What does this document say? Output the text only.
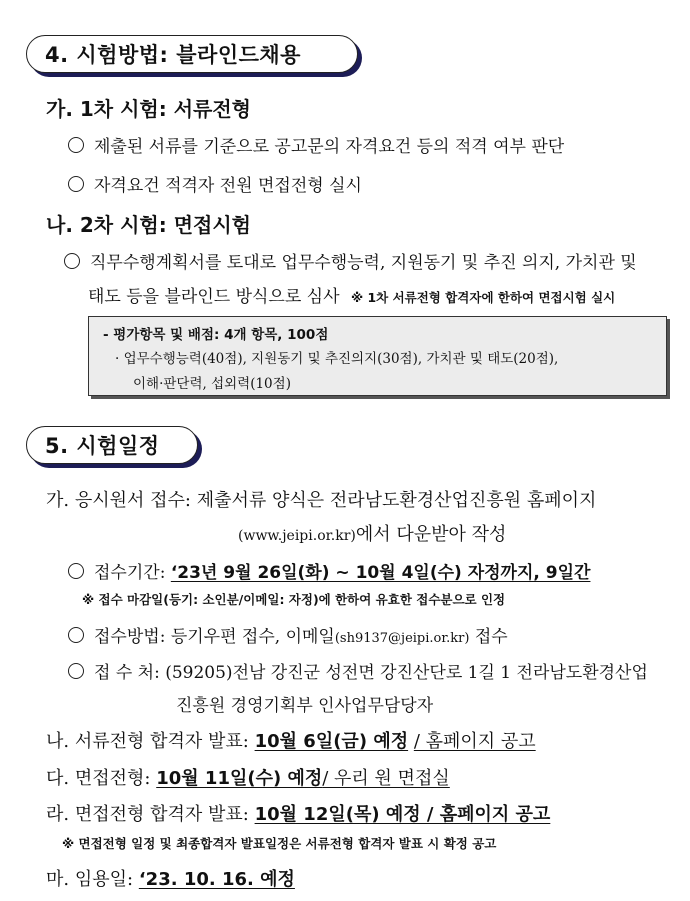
4. 시험방법: 블라인드채용
가. 1차 시험: 서류전형
제출된 서류를 기준으로 공고문의 자격요건 등의 적격 여부 판단
자격요건 적격자 전원 면접전형 실시
나. 2차 시험: 면접시험
직무수행계획서를 토대로 업무수행능력, 지원동기 및 추진 의지, 가치관 및
태도 등을 블라인드 방식으로 심사 ※ 1차 서류전형 합격자에 한하여 면접시험 실시
- 평가항목 및 배점: 4개 항목, 100점
· 업무수행능력(40점), 지원동기 및 추진의지(30점), 가치관 및 태도(20점),
이해·판단력, 섭외력(10점)
5. 시험일정
가. 응시원서 접수: 제출서류 양식은 전라남도환경산업진흥원 홈페이지
(www.jeipi.or.kr)에서 다운받아 작성
접수기간: ‘23년 9월 26일(화) ~ 10월 4일(수) 자정까지, 9일간
※ 접수 마감일(등기: 소인분/이메일: 자정)에 한하여 유효한 접수분으로 인정
접수방법: 등기우편 접수, 이메일(sh9137@jeipi.or.kr) 접수
접 수 처: (59205)전남 강진군 성전면 강진산단로 1길 1 전라남도환경산업
진흥원 경영기획부 인사업무담당자
나. 서류전형 합격자 발표: 10월 6일(금) 예정 / 홈페이지 공고
다. 면접전형: 10월 11일(수) 예정/ 우리 원 면접실
라. 면접전형 합격자 발표: 10월 12일(목) 예정 / 홈페이지 공고
※ 면접전형 일정 및 최종합격자 발표일정은 서류전형 합격자 발표 시 확정 공고
마. 임용일: ‘23. 10. 16. 예정
